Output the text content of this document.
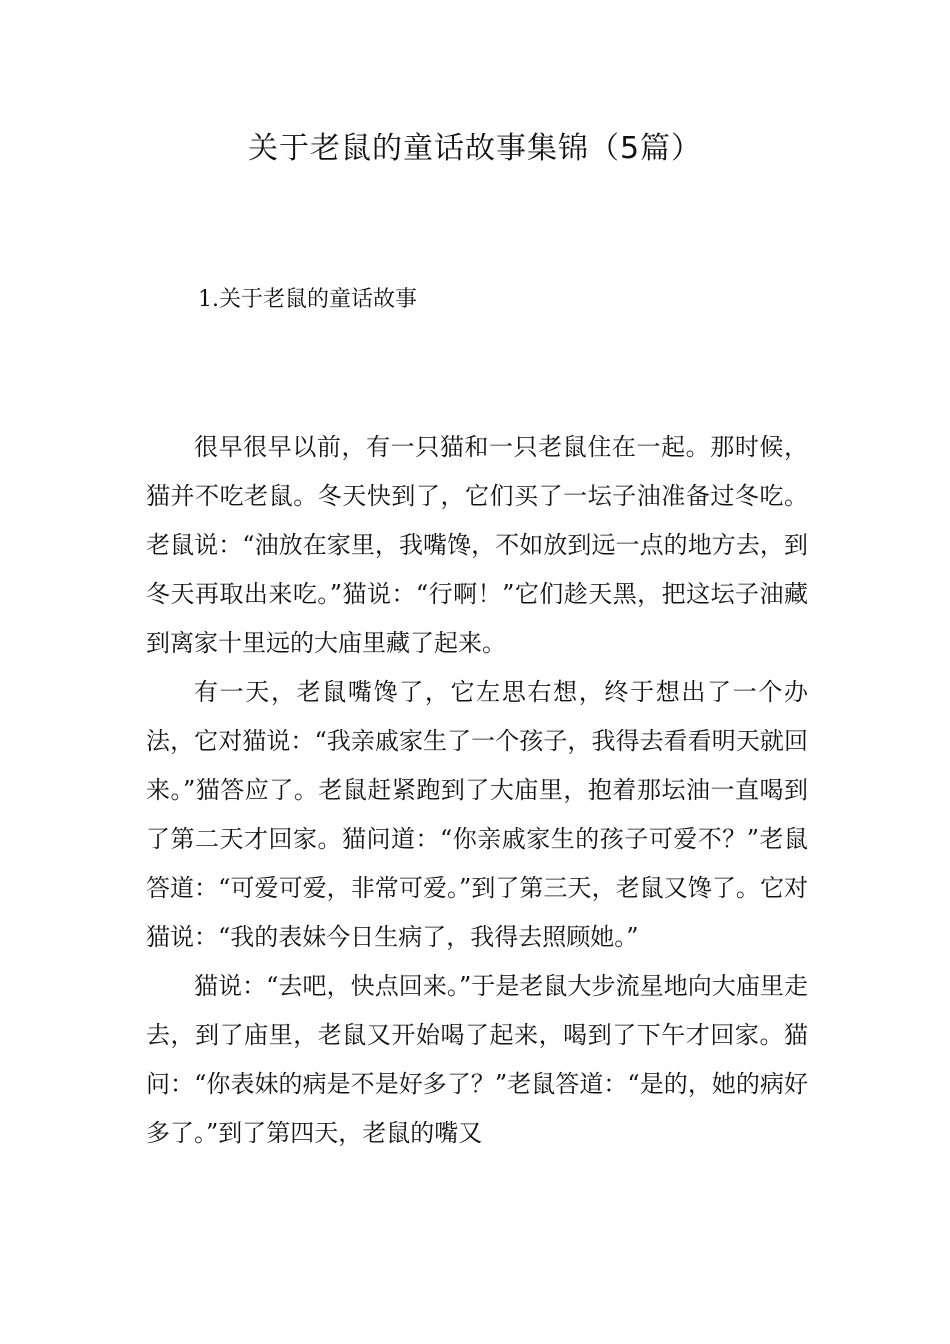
关于老鼠的童话故事集锦（5篇）
1.关于老鼠的童话故事

很早很早以前，有一只猫和一只老鼠住在一起。那时候，猫并不吃老鼠。冬天快到了，它们买了一坛子油准备过冬吃。老鼠说：“油放在家里，我嘴馋，不如放到远一点的地方去，到冬天再取出来吃。”猫说：“行啊！”它们趁天黑，把这坛子油藏到离家十里远的大庙里藏了起来。

有一天，老鼠嘴馋了，它左思右想，终于想出了一个办法，它对猫说：“我亲戚家生了一个孩子，我得去看看明天就回来。”猫答应了。老鼠赶紧跑到了大庙里，抱着那坛油一直喝到了第二天才回家。猫问道：“你亲戚家生的孩子可爱不？”老鼠答道：“可爱可爱，非常可爱。”到了第三天，老鼠又馋了。它对猫说：“我的表妹今日生病了，我得去照顾她。”

猫说：“去吧，快点回来。”于是老鼠大步流星地向大庙里走去，到了庙里，老鼠又开始喝了起来，喝到了下午才回家。猫问：“你表妹的病是不是好多了？”老鼠答道：“是的，她的病好多了。”到了第四天，老鼠的嘴又
